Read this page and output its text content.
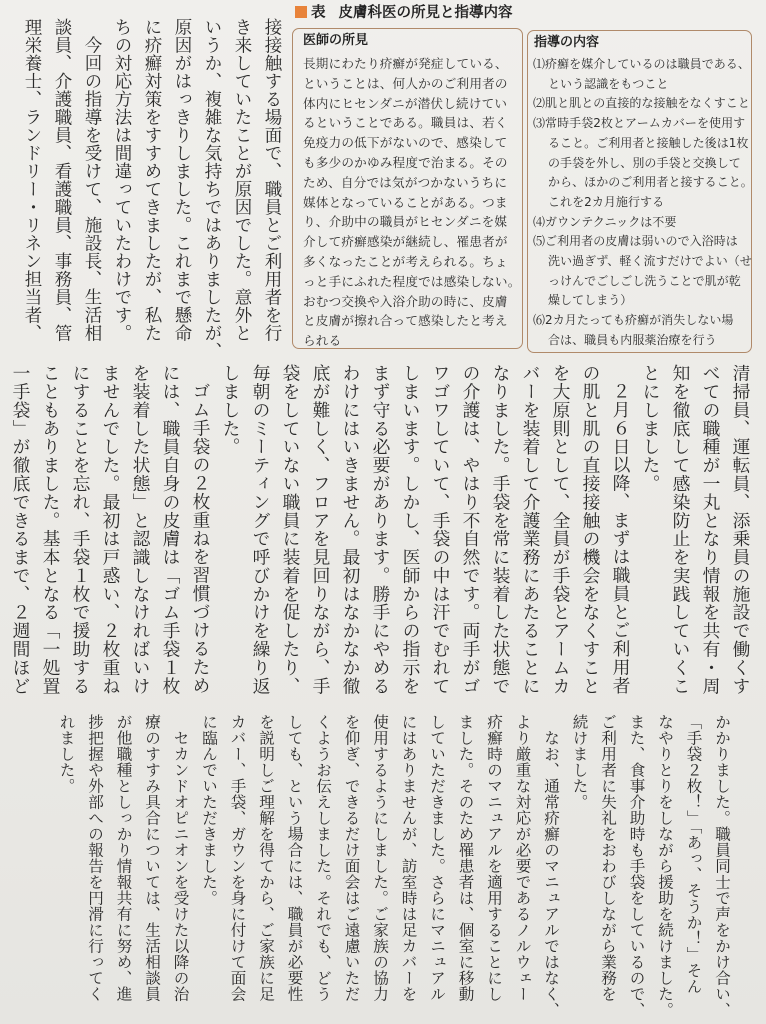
接接触する場面で、職員とご利用者を行
き来していたことが原因でした。意外と
いうか、複雑な気持ちではありましたが、
原因がはっきりしました。これまで懸命
に疥癬対策をすすめてきましたが、私た
ちの対応方法は間違っていたわけです。
今回の指導を受けて、施設長、生活相
談員、介護職員、看護職員、事務員、管
理栄養士、ランドリー・リネン担当者、
表 皮膚科医の所見と指導内容
医師の所見
長期にわたり疥癬が発症している、
ということは、何人かのご利用者の
体内にヒセンダニが潜伏し続けてい
るということである。職員は、若く
免疫力の低下がないので、感染して
も多少のかゆみ程度で治まる。その
ため、自分では気がつかないうちに
媒体となっていることがある。つま
り、介助中の職員がヒセンダニを媒
介して疥癬感染が継続し、罹患者が
多くなったことが考えられる。ちょ
っと手にふれた程度では感染しない。
おむつ交換や入浴介助の時に、皮膚
と皮膚が擦れ合って感染したと考え
られる
指導の内容
⑴疥癬を媒介しているのは職員である、
という認識をもつこと
⑵肌と肌との直接的な接触をなくすこと
⑶常時手袋2枚とアームカバーを使用す
ること。ご利用者と接触した後は1枚
の手袋を外し、別の手袋と交換して
から、ほかのご利用者と接すること。
これを2カ月施行する
⑷ガウンテクニックは不要
⑸ご利用者の皮膚は弱いので入浴時は
洗い過ぎず、軽く流すだけでよい（せ
っけんでごしごし洗うことで肌が乾
燥してしまう）
⑹2カ月たっても疥癬が消失しない場
合は、職員も内服薬治療を行う
清掃員、運転員、添乗員の施設で働くす
べての職種が一丸となり情報を共有・周
知を徹底して感染防止を実践していくこ
とにしました。
２月６日以降、まずは職員とご利用者
の肌と肌の直接接触の機会をなくすこと
を大原則として、全員が手袋とアームカ
バーを装着して介護業務にあたることに
なりました。手袋を常に装着した状態で
の介護は、やはり不自然です。両手がゴ
ワゴワしていて、手袋の中は汗でむれて
しまいます。しかし、医師からの指示を
まず守る必要があります。勝手にやめる
わけにはいきません。最初はなかなか徹
底が難しく、フロアを見回りながら、手
袋をしていない職員に装着を促したり、
毎朝のミーティングで呼びかけを繰り返
しました。
ゴム手袋の２枚重ねを習慣づけるため
には、職員自身の皮膚は「ゴム手袋１枚
を装着した状態」と認識しなければいけ
ませんでした。最初は戸惑い、２枚重ね
にすることを忘れ、手袋１枚で援助する
こともありました。基本となる「一処置
一手袋」が徹底できるまで、２週間ほど
かかりました。職員同士で声をかけ合い、
「手袋２枚！」「あっ、そうか！」そん
なやりとりをしながら援助を続けました。
また、食事介助時も手袋をしているので、
ご利用者に失礼をおわびしながら業務を
続けました。
なお、通常疥癬のマニュアルではなく、
より厳重な対応が必要であるノルウェー
疥癬時のマニュアルを適用することにし
ました。そのため罹患者は、個室に移動
していただきました。さらにマニュアル
にはありませんが、訪室時は足カバーを
使用するようにしました。ご家族の協力
を仰ぎ、できるだけ面会はご遠慮いただ
くようお伝えしました。それでも、どう
しても、という場合には、職員が必要性
を説明しご理解を得てから、ご家族に足
カバー、手袋、ガウンを身に付けて面会
に臨んでいただきました。
セカンドオピニオンを受けた以降の治
療のすすみ具合については、生活相談員
が他職種としっかり情報共有に努め、進
捗把握や外部への報告を円滑に行ってく
れました。
